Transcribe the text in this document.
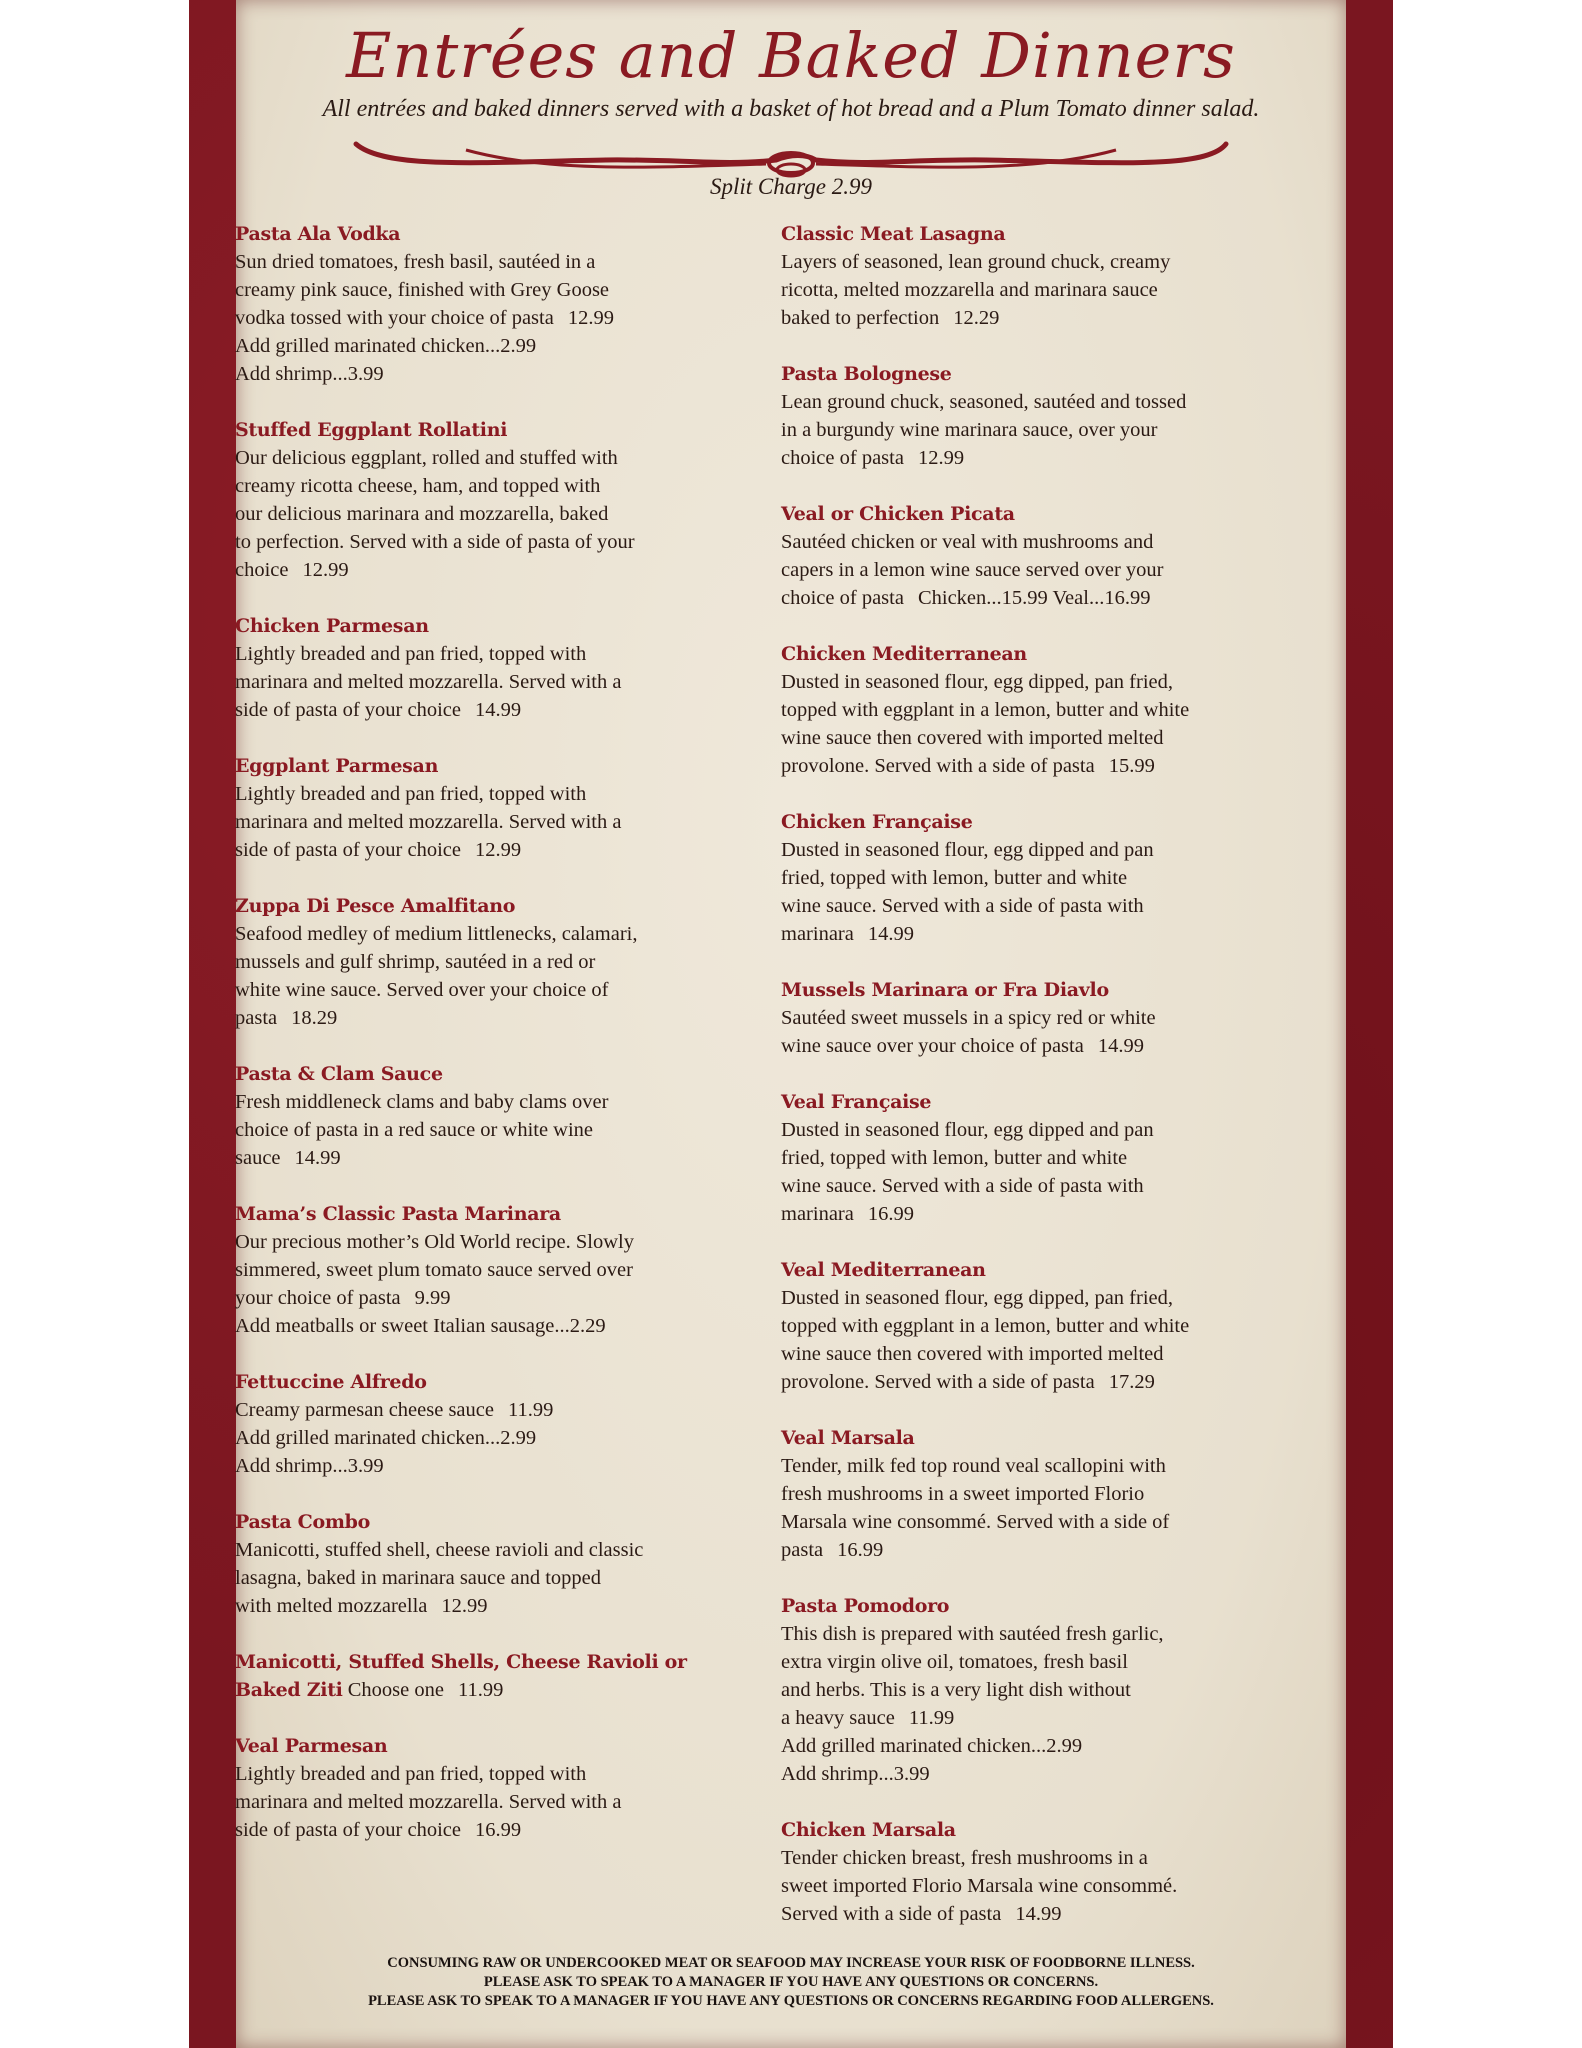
Entrées and Baked Dinners
All entrées and baked dinners served with a basket of hot bread and a Plum Tomato dinner salad.
Split Charge 2.99
Pasta Ala Vodka
Sun dried tomatoes, fresh basil, sautéed in a
creamy pink sauce, finished with Grey Goose
vodka tossed with your choice of pasta 12.99
Add grilled marinated chicken...2.99
Add shrimp...3.99
Stuffed Eggplant Rollatini
Our delicious eggplant, rolled and stuffed with
creamy ricotta cheese, ham, and topped with
our delicious marinara and mozzarella, baked
to perfection. Served with a side of pasta of your
choice 12.99
Chicken Parmesan
Lightly breaded and pan fried, topped with
marinara and melted mozzarella. Served with a
side of pasta of your choice 14.99
Eggplant Parmesan
Lightly breaded and pan fried, topped with
marinara and melted mozzarella. Served with a
side of pasta of your choice 12.99
Zuppa Di Pesce Amalfitano
Seafood medley of medium littlenecks, calamari,
mussels and gulf shrimp, sautéed in a red or
white wine sauce. Served over your choice of
pasta 18.29
Pasta & Clam Sauce
Fresh middleneck clams and baby clams over
choice of pasta in a red sauce or white wine
sauce 14.99
Mama’s Classic Pasta Marinara
Our precious mother’s Old World recipe. Slowly
simmered, sweet plum tomato sauce served over
your choice of pasta 9.99
Add meatballs or sweet Italian sausage...2.29
Fettuccine Alfredo
Creamy parmesan cheese sauce 11.99
Add grilled marinated chicken...2.99
Add shrimp...3.99
Pasta Combo
Manicotti, stuffed shell, cheese ravioli and classic
lasagna, baked in marinara sauce and topped
with melted mozzarella 12.99
Manicotti, Stuffed Shells, Cheese Ravioli or
Baked Ziti Choose one 11.99
Veal Parmesan
Lightly breaded and pan fried, topped with
marinara and melted mozzarella. Served with a
side of pasta of your choice 16.99
Classic Meat Lasagna
Layers of seasoned, lean ground chuck, creamy
ricotta, melted mozzarella and marinara sauce
baked to perfection 12.29
Pasta Bolognese
Lean ground chuck, seasoned, sautéed and tossed
in a burgundy wine marinara sauce, over your
choice of pasta 12.99
Veal or Chicken Picata
Sautéed chicken or veal with mushrooms and
capers in a lemon wine sauce served over your
choice of pasta Chicken...15.99 Veal...16.99
Chicken Mediterranean
Dusted in seasoned flour, egg dipped, pan fried,
topped with eggplant in a lemon, butter and white
wine sauce then covered with imported melted
provolone. Served with a side of pasta 15.99
Chicken Française
Dusted in seasoned flour, egg dipped and pan
fried, topped with lemon, butter and white
wine sauce. Served with a side of pasta with
marinara 14.99
Mussels Marinara or Fra Diavlo
Sautéed sweet mussels in a spicy red or white
wine sauce over your choice of pasta 14.99
Veal Française
Dusted in seasoned flour, egg dipped and pan
fried, topped with lemon, butter and white
wine sauce. Served with a side of pasta with
marinara 16.99
Veal Mediterranean
Dusted in seasoned flour, egg dipped, pan fried,
topped with eggplant in a lemon, butter and white
wine sauce then covered with imported melted
provolone. Served with a side of pasta 17.29
Veal Marsala
Tender, milk fed top round veal scallopini with
fresh mushrooms in a sweet imported Florio
Marsala wine consommé. Served with a side of
pasta 16.99
Pasta Pomodoro
This dish is prepared with sautéed fresh garlic,
extra virgin olive oil, tomatoes, fresh basil
and herbs. This is a very light dish without
a heavy sauce 11.99
Add grilled marinated chicken...2.99
Add shrimp...3.99
Chicken Marsala
Tender chicken breast, fresh mushrooms in a
sweet imported Florio Marsala wine consommé.
Served with a side of pasta 14.99
CONSUMING RAW OR UNDERCOOKED MEAT OR SEAFOOD MAY INCREASE YOUR RISK OF FOODBORNE ILLNESS.
PLEASE ASK TO SPEAK TO A MANAGER IF YOU HAVE ANY QUESTIONS OR CONCERNS.
PLEASE ASK TO SPEAK TO A MANAGER IF YOU HAVE ANY QUESTIONS OR CONCERNS REGARDING FOOD ALLERGENS.
